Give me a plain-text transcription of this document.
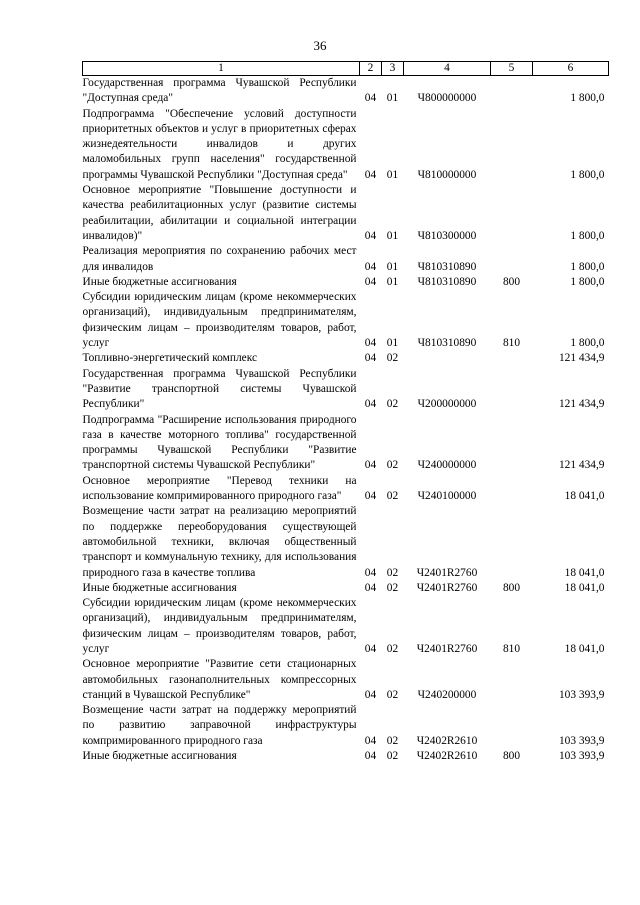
36
1	2	3	4	5	6
Государственная программа Чувашской Республики "Доступная среда"	04	01	Ч800000000		1 800,0
Подпрограмма "Обеспечение условий доступности приоритетных объектов и услуг в приоритетных сферах жизнедеятельности инвалидов и других маломобильных групп населения" государственной программы Чувашской Республики "Доступная среда"	04	01	Ч810000000		1 800,0
Основное мероприятие "Повышение доступности и качества реабилитационных услуг (развитие системы реабилитации, абилитации и социальной интеграции инвалидов)"	04	01	Ч810300000		1 800,0
Реализация мероприятия по сохранению рабочих мест для инвалидов	04	01	Ч810310890		1 800,0
Иные бюджетные ассигнования	04	01	Ч810310890	800	1 800,0
Субсидии юридическим лицам (кроме некоммерческих организаций), индивидуальным предпринимателям, физическим лицам – производителям товаров, работ, услуг	04	01	Ч810310890	810	1 800,0
Топливно-энергетический комплекс	04	02			121 434,9
Государственная программа Чувашской Республики "Развитие транспортной системы Чувашской Республики"	04	02	Ч200000000		121 434,9
Подпрограмма "Расширение использования природного газа в качестве моторного топлива" государственной программы Чувашской Республики "Развитие транспортной системы Чувашской Республики"	04	02	Ч240000000		121 434,9
Основное мероприятие "Перевод техники на использование компримированного природного газа"	04	02	Ч240100000		18 041,0
Возмещение части затрат на реализацию мероприятий по поддержке переоборудования существующей автомобильной техники, включая общественный транспорт и коммунальную технику, для использования природного газа в качестве топлива	04	02	Ч2401R2760		18 041,0
Иные бюджетные ассигнования	04	02	Ч2401R2760	800	18 041,0
Субсидии юридическим лицам (кроме некоммерческих организаций), индивидуальным предпринимателям, физическим лицам – производителям товаров, работ, услуг	04	02	Ч2401R2760	810	18 041,0
Основное мероприятие "Развитие сети стационарных автомобильных газонаполнительных компрессорных станций в Чувашской Республике"	04	02	Ч240200000		103 393,9
Возмещение части затрат на поддержку мероприятий по развитию заправочной инфраструктуры компримированного природного газа	04	02	Ч2402R2610		103 393,9
Иные бюджетные ассигнования	04	02	Ч2402R2610	800	103 393,9
